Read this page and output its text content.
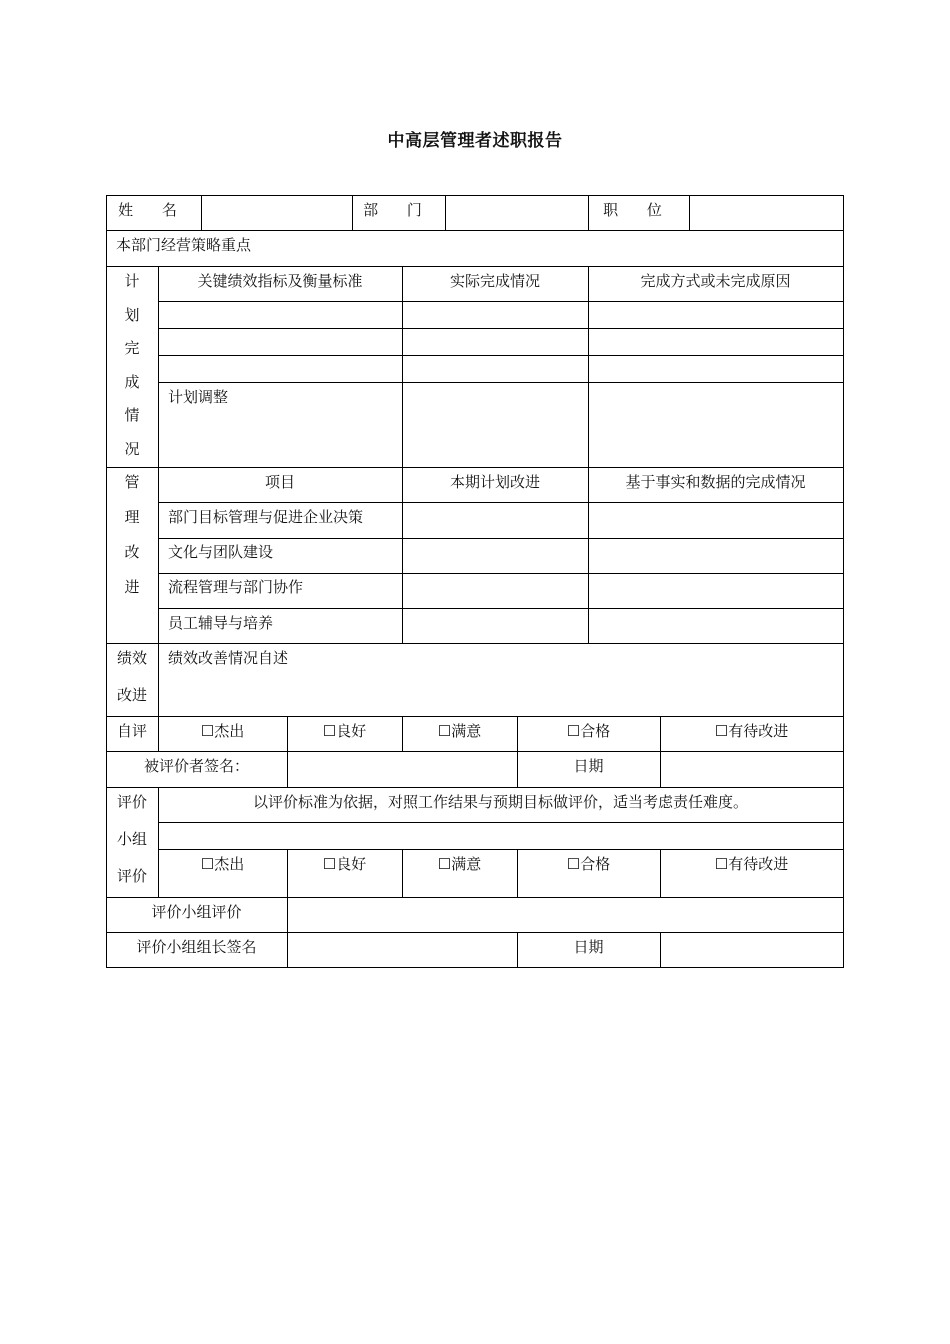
中高层管理者述职报告
姓 名	部 门	职 位
本部门经营策略重点
计
划
完
成
情
况
关键绩效指标及衡量标准	实际完成情况	完成方式或未完成原因
计划调整
管
理
改
进
项目	本期计划改进	基于事实和数据的完成情况
部门目标管理与促进企业决策
文化与团队建设
流程管理与部门协作
员工辅导与培养
绩效
改进
绩效改善情况自述
自评	☐杰出	☐良好	☐满意	☐合格	☐有待改进
被评价者签名：	日期
评价
小组
评价
以评价标准为依据，对照工作结果与预期目标做评价，适当考虑责任难度。
☐杰出	☐良好	☐满意	☐合格	☐有待改进
评价小组评价
评价小组组长签名	日期
